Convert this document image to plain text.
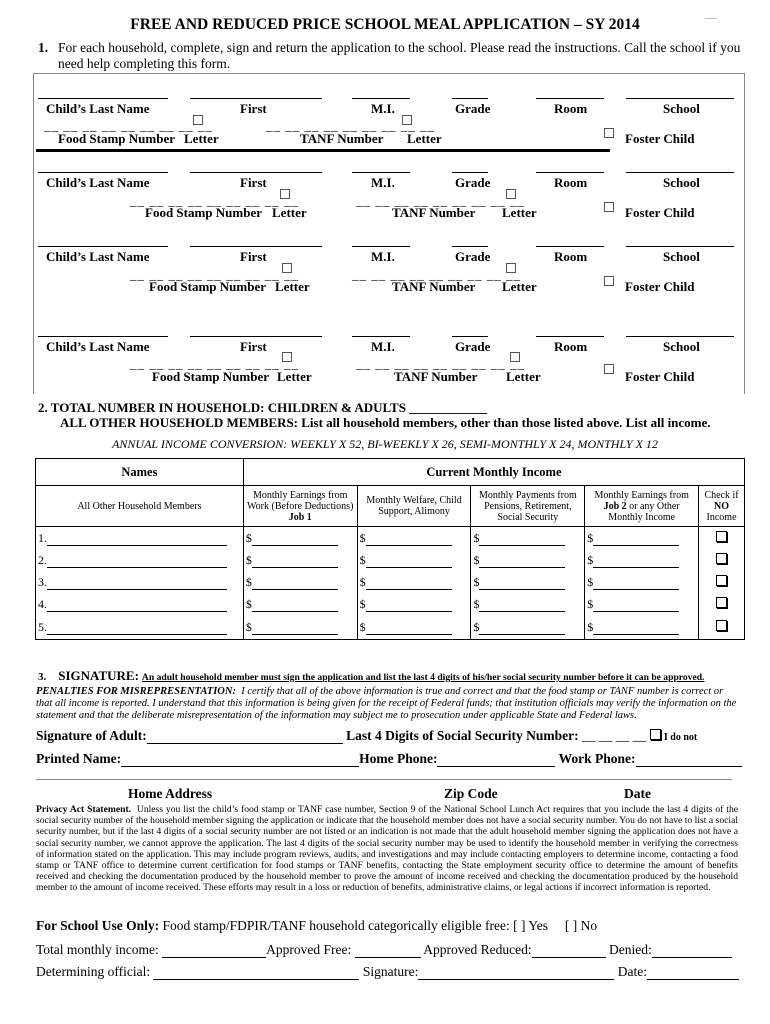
FREE AND REDUCED PRICE SCHOOL MEAL APPLICATION – SY 2014	—
1. For each household, complete, sign and return the application to the school. Please read the instructions. Call the school if you need help completing this form.
Child’s Last Name	First	M.I.	Grade	Room	School
__ __ __ __ __ __ __ __ __	__ __ __ __ __ __ __ __ __
Food Stamp Number Letter	TANF Number Letter	Foster Child
Child’s Last Name	First	M.I.	Grade	Room	School
__ __ __ __ __ __ __ __ __	__ __ __ __ __ __ __ __ __
Food Stamp Number Letter	TANF Number Letter	Foster Child
Child’s Last Name	First	M.I.	Grade	Room	School
__ __ __ __ __ __ __ __ __	__ __ __ __ __ __ __ __ __
Food Stamp Number Letter	TANF Number Letter	Foster Child
Child’s Last Name	First	M.I.	Grade	Room	School
__ __ __ __ __ __ __ __ __	__ __ __ __ __ __ __ __ __
Food Stamp Number Letter	TANF Number Letter	Foster Child
2. TOTAL NUMBER IN HOUSEHOLD: CHILDREN & ADULTS ____________
ALL OTHER HOUSEHOLD MEMBERS: List all household members, other than those listed above. List all income.
ANNUAL INCOME CONVERSION: WEEKLY X 52, BI-WEEKLY X 26, SEMI-MONTHLY X 24, MONTHLY X 12
Names	Current Monthly Income				
All Other Household Members	Monthly Earnings from Work (Before Deductions) Job 1	Monthly Welfare, Child Support, Alimony	Monthly Payments from Pensions, Retirement, Social Security	Monthly Earnings from Job 2 or any Other Monthly Income	Check if NO Income
1.	$	$	$	$	
2.	$	$	$	$	
3.	$	$	$	$	
4.	$	$	$	$	
5.	$	$	$	$	
3. SIGNATURE: An adult household member must sign the application and list the last 4 digits of his/her social security number before it can be approved.
PENALTIES FOR MISREPRESENTATION: I certify that all of the above information is true and correct and that the food stamp or TANF number is correct or that all income is reported. I understand that this information is being given for the receipt of Federal funds; that institution officials may verify the information on the statement and that the deliberate misrepresentation of the information may subject me to prosecution under applicable State and Federal laws.
Signature of Adult:	Last 4 Digits of Social Security Number: __ __ __ __ I do not
Printed Name:	Home Phone:	Work Phone:
Home Address	Zip Code	Date
Privacy Act Statement. Unless you list the child’s food stamp or TANF case number, Section 9 of the National School Lunch Act requires that you include the last 4 digits of the social security number of the household member signing the application or indicate that the household member does not have a social security number. You do not have to list a social security number, but if the last 4 digits of a social security number are not listed or an indication is not made that the adult household member signing the application does not have a social security number, we cannot approve the application. The last 4 digits of the social security number may be used to identify the household member in verifying the correctness of information stated on the application. This may include program reviews, audits, and investigations and may include contacting employers to determine income, contacting a food stamp or TANF office to determine current certification for food stamps or TANF benefits, contacting the State employment security office to determine the amount of benefits received and checking the documentation produced by the household member to prove the amount of income received and checking the documentation produced by the household member to the amount of income received. These efforts may result in a loss or reduction of benefits, administrative claims, or legal actions if incorrect information is reported.
For School Use Only: Food stamp/FDPIR/TANF household categorically eligible free: [ ] Yes [ ] No
Total monthly income:	Approved Free:	Approved Reduced:	Denied:
Determining official:	Signature:	Date:
